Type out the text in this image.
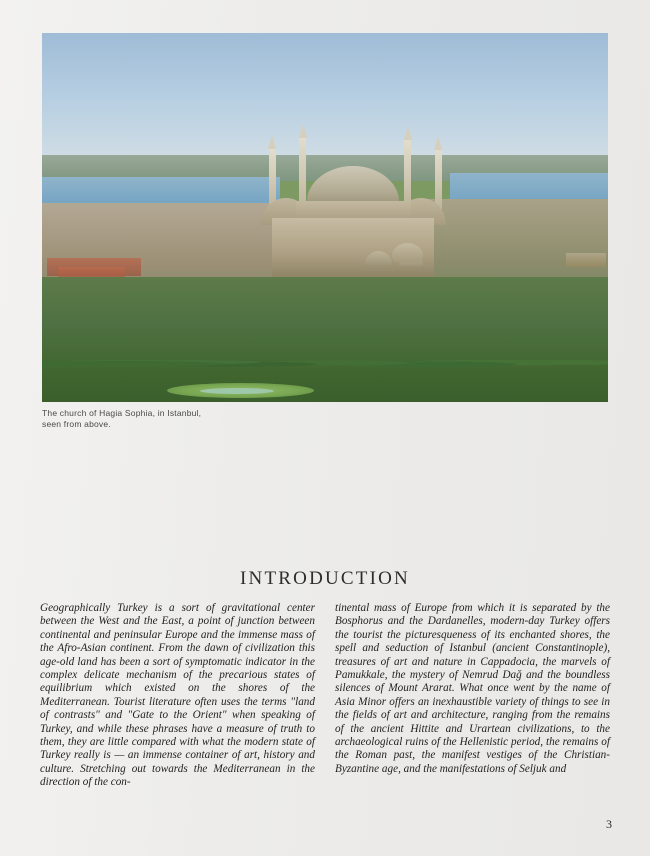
The church of Hagia Sophia, in Istanbul,
seen from above.
INTRODUCTION

Geographically Turkey is a sort of gravitational center between the West and the East, a point of junction between continental and peninsular Europe and the immense mass of the Afro-Asian continent. From the dawn of civilization this age-old land has been a sort of symptomatic indicator in the complex delicate mechanism of the precarious states of equilibrium which existed on the shores of the Mediterranean. Tourist literature often uses the terms "land of contrasts" and "Gate to the Orient" when speaking of Turkey, and while these phrases have a measure of truth to them, they are little compared with what the modern state of Turkey really is — an immense container of art, history and culture. Stretching out towards the Mediterranean in the direction of the con-

tinental mass of Europe from which it is separated by the Bosphorus and the Dardanelles, modern-day Turkey offers the tourist the picturesqueness of its enchanted shores, the spell and seduction of Istanbul (ancient Constantinople), treasures of art and nature in Cappadocia, the marvels of Pamukkale, the mystery of Nemrud Dağ and the boundless silences of Mount Ararat. What once went by the name of Asia Minor offers an inexhaustible variety of things to see in the fields of art and architecture, ranging from the remains of the ancient Hittite and Urartean civilizations, to the archaeological ruins of the Hellenistic period, the remains of the Roman past, the manifest vestiges of the Christian-Byzantine age, and the manifestations of Seljuk and

3
